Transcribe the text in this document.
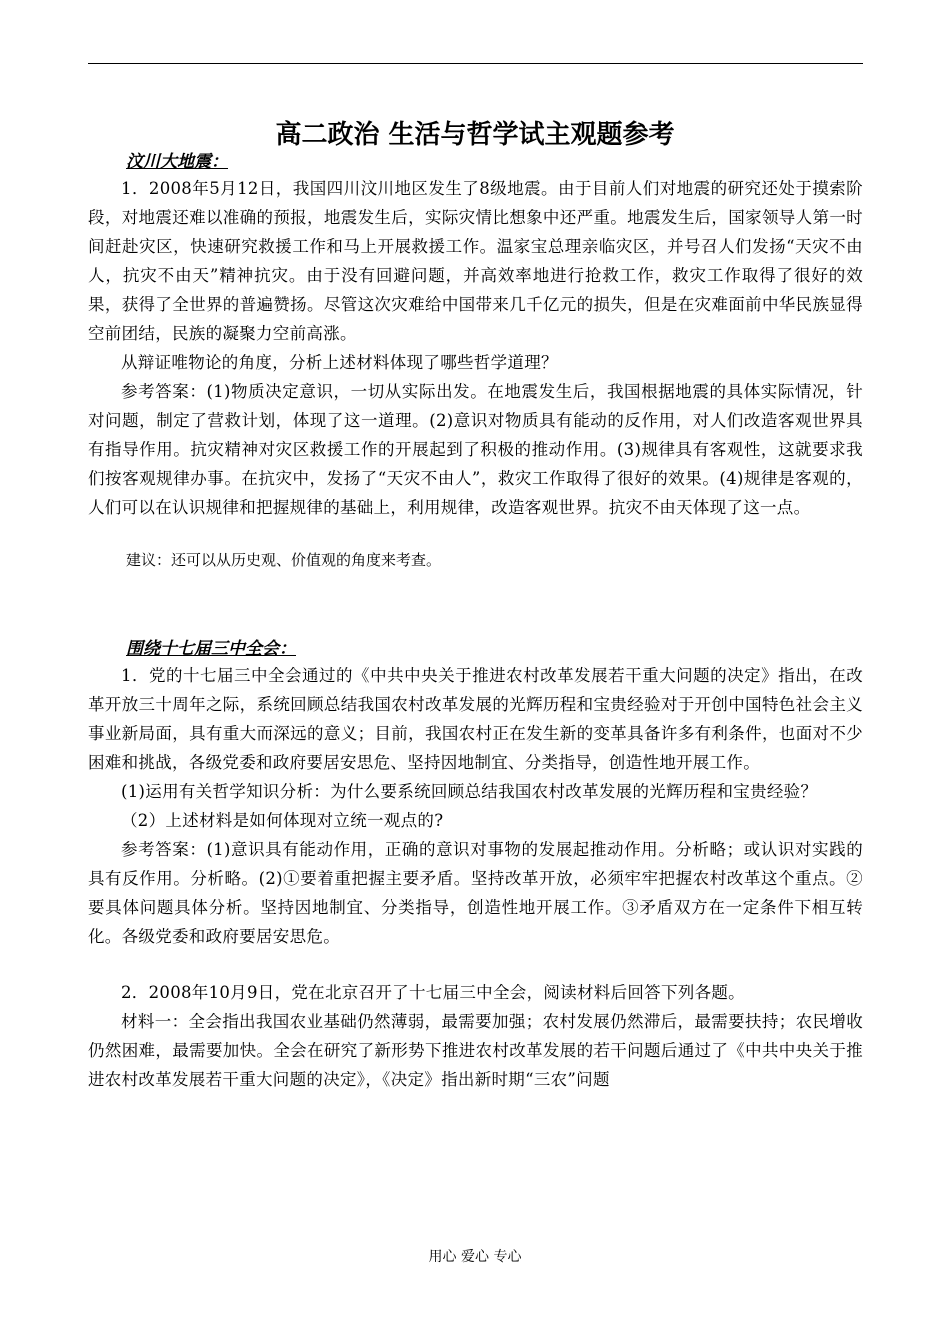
高二政治 生活与哲学试主观题参考
汶川大地震：

1．2008年5月12日，我国四川汶川地区发生了8级地震。由于目前人们对地震的研究还处于摸索阶段，对地震还难以准确的预报，地震发生后，实际灾情比想象中还严重。地震发生后，国家领导人第一时间赶赴灾区，快速研究救援工作和马上开展救援工作。温家宝总理亲临灾区，并号召人们发扬“天灾不由人，抗灾不由天”精神抗灾。由于没有回避问题，并高效率地进行抢救工作，救灾工作取得了很好的效果，获得了全世界的普遍赞扬。尽管这次灾难给中国带来几千亿元的损失，但是在灾难面前中华民族显得空前团结，民族的凝聚力空前高涨。

从辩证唯物论的角度，分析上述材料体现了哪些哲学道理？

参考答案：(1)物质决定意识，一切从实际出发。在地震发生后，我国根据地震的具体实际情况，针对问题，制定了营救计划，体现了这一道理。(2)意识对物质具有能动的反作用，对人们改造客观世界具有指导作用。抗灾精神对灾区救援工作的开展起到了积极的推动作用。(3)规律具有客观性，这就要求我们按客观规律办事。在抗灾中，发扬了“天灾不由人”，救灾工作取得了很好的效果。(4)规律是客观的，人们可以在认识规律和把握规律的基础上，利用规律，改造客观世界。抗灾不由天体现了这一点。

建议：还可以从历史观、价值观的角度来考查。
围绕十七届三中全会：

1．党的十七届三中全会通过的《中共中央关于推进农村改革发展若干重大问题的决定》指出，在改革开放三十周年之际，系统回顾总结我国农村改革发展的光辉历程和宝贵经验对于开创中国特色社会主义事业新局面，具有重大而深远的意义；目前，我国农村正在发生新的变革具备许多有利条件，也面对不少困难和挑战，各级党委和政府要居安思危、坚持因地制宜、分类指导，创造性地开展工作。

(1)运用有关哲学知识分析：为什么要系统回顾总结我国农村改革发展的光辉历程和宝贵经验？

（2）上述材料是如何体现对立统一观点的?

参考答案：(1)意识具有能动作用，正确的意识对事物的发展起推动作用。分析略；或认识对实践的具有反作用。分析略。(2)①要着重把握主要矛盾。坚持改革开放，必须牢牢把握农村改革这个重点。②要具体问题具体分析。坚持因地制宜、分类指导，创造性地开展工作。③矛盾双方在一定条件下相互转化。各级党委和政府要居安思危。

2．2008年10月9日，党在北京召开了十七届三中全会，阅读材料后回答下列各题。

材料一：全会指出我国农业基础仍然薄弱，最需要加强；农村发展仍然滞后，最需要扶持；农民增收仍然困难，最需要加快。全会在研究了新形势下推进农村改革发展的若干问题后通过了《中共中央关于推进农村改革发展若干重大问题的决定》，《决定》指出新时期“三农”问题

用心 爱心 专心
